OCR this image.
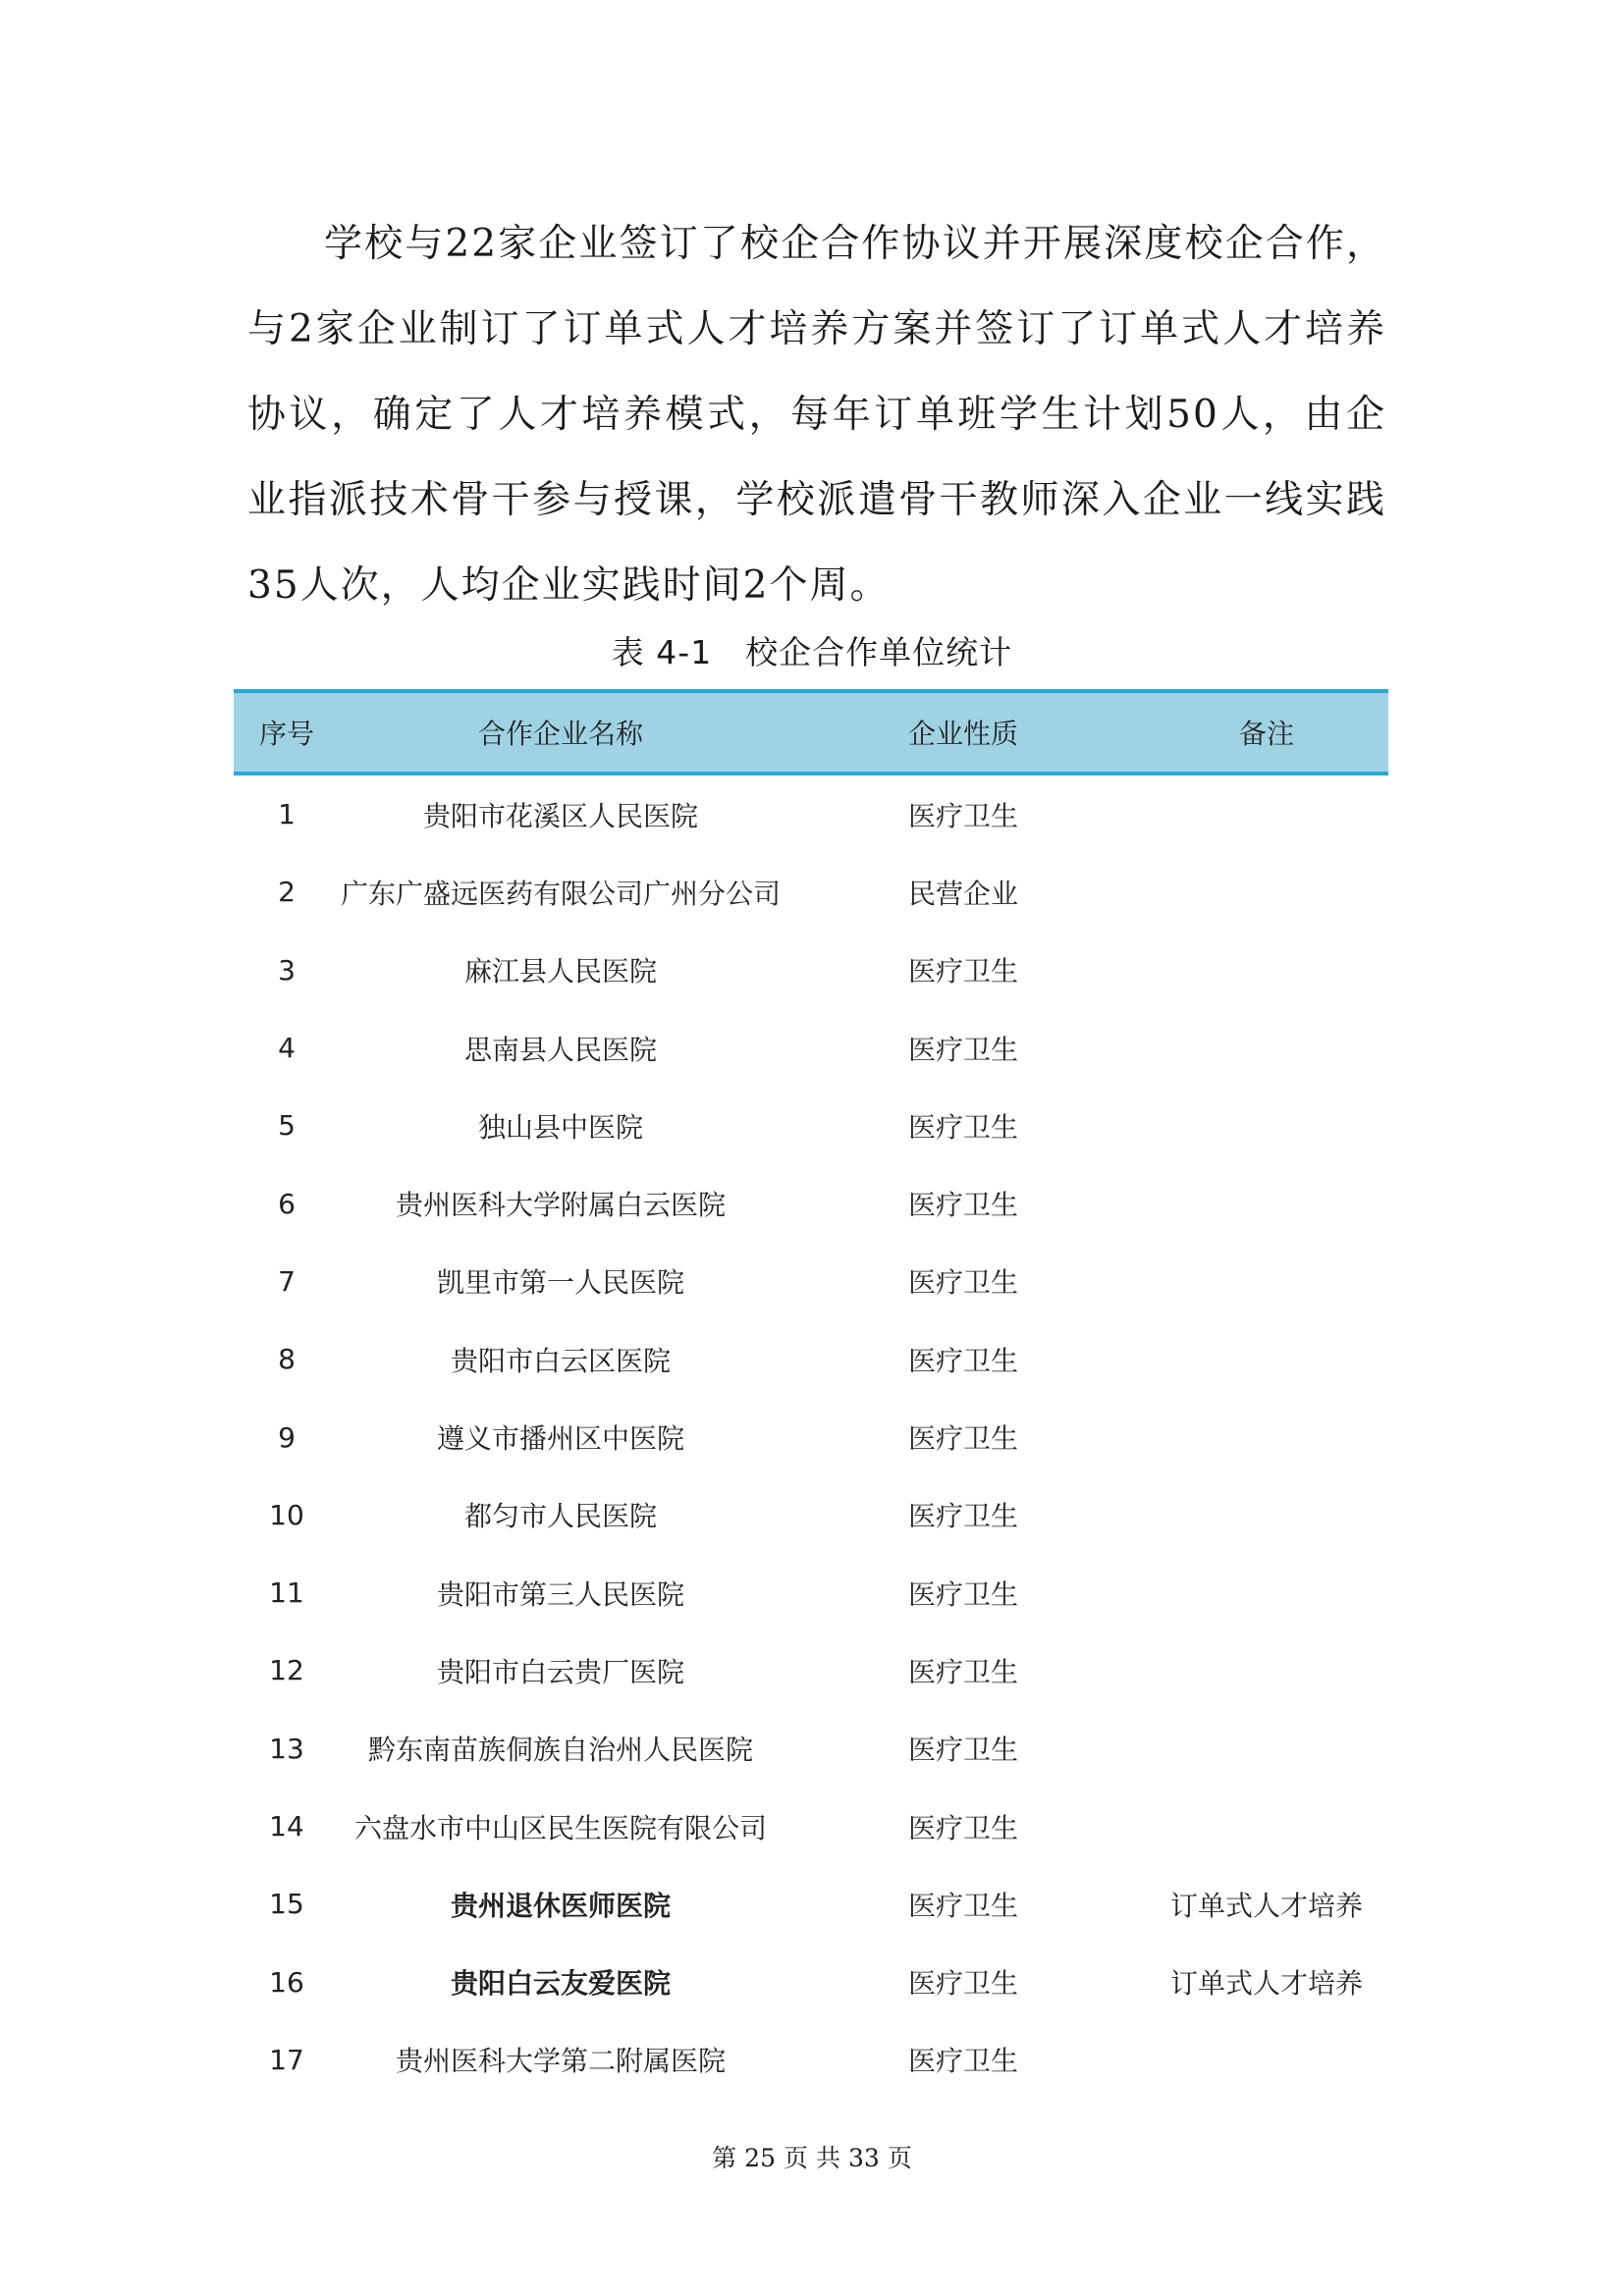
学校与22家企业签订了校企合作协议并开展深度校企合作，与2家企业制订了订单式人才培养方案并签订了订单式人才培养协议，确定了人才培养模式，每年订单班学生计划50人，由企业指派技术骨干参与授课，学校派遣骨干教师深入企业一线实践35人次，人均企业实践时间2个周。
表 4-1　校企合作单位统计
序号	合作企业名称	企业性质	备注
1	贵阳市花溪区人民医院	医疗卫生
2	广东广盛远医药有限公司广州分公司	民营企业
3	麻江县人民医院	医疗卫生
4	思南县人民医院	医疗卫生
5	独山县中医院	医疗卫生
6	贵州医科大学附属白云医院	医疗卫生
7	凯里市第一人民医院	医疗卫生
8	贵阳市白云区医院	医疗卫生
9	遵义市播州区中医院	医疗卫生
10	都匀市人民医院	医疗卫生
11	贵阳市第三人民医院	医疗卫生
12	贵阳市白云贵厂医院	医疗卫生
13	黔东南苗族侗族自治州人民医院	医疗卫生
14	六盘水市中山区民生医院有限公司	医疗卫生
15	贵州退休医师医院	医疗卫生	订单式人才培养
16	贵阳白云友爱医院	医疗卫生	订单式人才培养
17	贵州医科大学第二附属医院	医疗卫生
第 25 页 共 33 页
